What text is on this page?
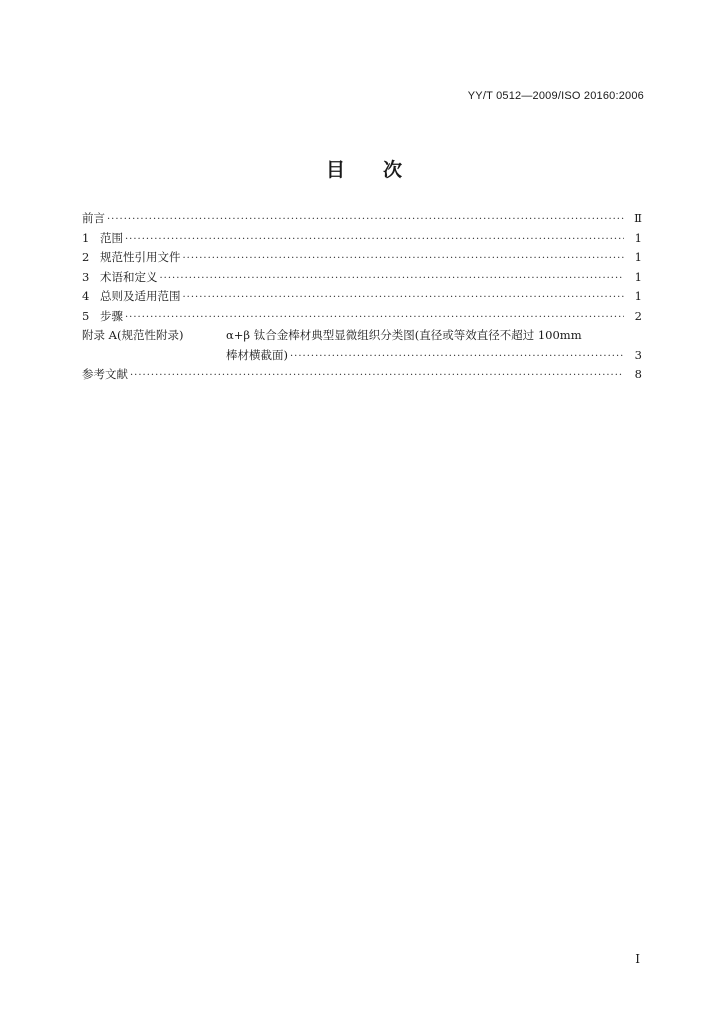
YY/T 0512—2009/ISO 20160:2006
目次
前言 ·····	Ⅱ
1 范围 ·····	1
2 规范性引用文件 ·····	1
3 术语和定义 ·····	1
4 总则及适用范围 ·····	1
5 步骤 ·····	2
附录 A(规范性附录)	α+β 钛合金棒材典型显微组织分类图(直径或等效直径不超过 100mm
棒材横截面) ·····	3
参考文献 ·····	8
I
